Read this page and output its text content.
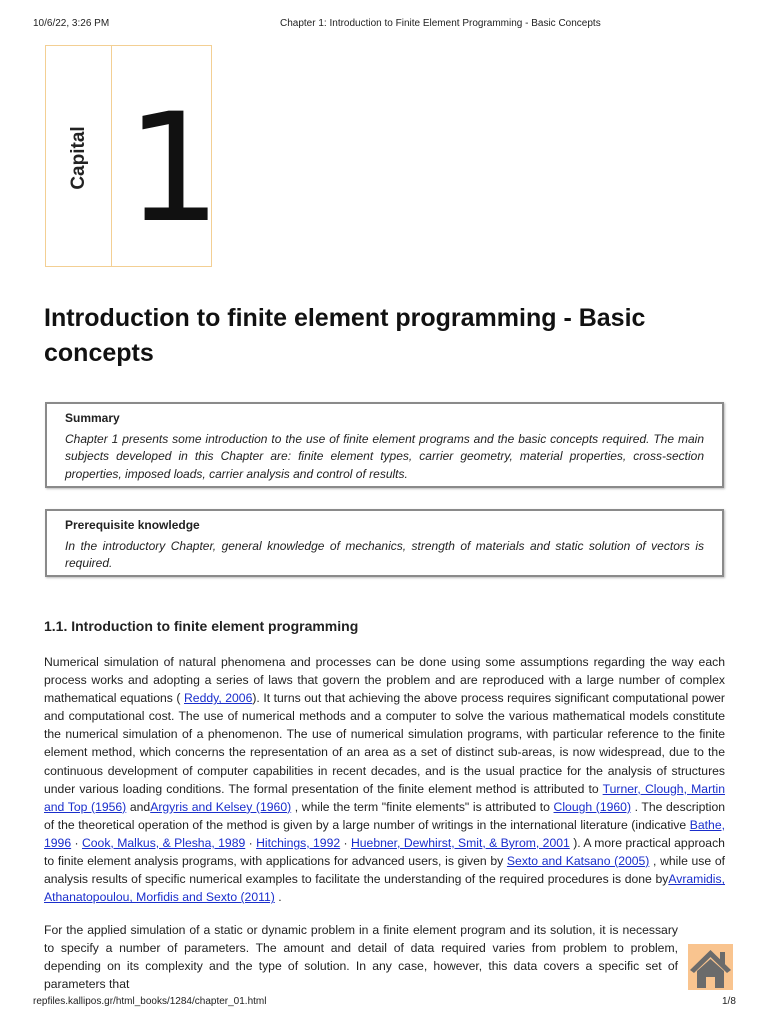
10/6/22, 3:26 PM	Chapter 1: Introduction to Finite Element Programming - Basic Concepts
Capital 1
Introduction to finite element programming - Basic concepts
Summary

Chapter 1 presents some introduction to the use of finite element programs and the basic concepts required. The main subjects developed in this Chapter are: finite element types, carrier geometry, material properties, cross-section properties, imposed loads, carrier analysis and control of results.

Prerequisite knowledge

In the introductory Chapter, general knowledge of mechanics, strength of materials and static solution of vectors is required.

1.1. Introduction to finite element programming

Numerical simulation of natural phenomena and processes can be done using some assumptions regarding the way each process works and adopting a series of laws that govern the problem and are reproduced with a large number of complex mathematical equations ( Reddy, 2006). It turns out that achieving the above process requires significant computational power and computational cost. The use of numerical methods and a computer to solve the various mathematical models constitute the numerical simulation of a phenomenon. The use of numerical simulation programs, with particular reference to the finite element method, which concerns the representation of an area as a set of distinct sub-areas, is now widespread, due to the continuous development of computer capabilities in recent decades, and is the usual practice for the analysis of structures under various loading conditions. The formal presentation of the finite element method is attributed to Turner, Clough, Martin and Top (1956) andArgyris and Kelsey (1960) , while the term "finite elements" is attributed to Clough (1960) . The description of the theoretical operation of the method is given by a large number of writings in the international literature (indicative Bathe, 1996 · Cook, Malkus, & Plesha, 1989 · Hitchings, 1992 · Huebner, Dewhirst, Smit, & Byrom, 2001 ). A more practical approach to finite element analysis programs, with applications for advanced users, is given by Sexto and Katsano (2005) , while use of analysis results of specific numerical examples to facilitate the understanding of the required procedures is done byAvramidis, Athanatopoulou, Morfidis and Sexto (2011) .

For the applied simulation of a static or dynamic problem in a finite element program and its solution, it is necessary to specify a number of parameters. The amount and detail of data required varies from problem to problem, depending on its complexity and the type of solution. In any case, however, this data covers a specific set of parameters that

repfiles.kallipos.gr/html_books/1284/chapter_01.html	1/8
